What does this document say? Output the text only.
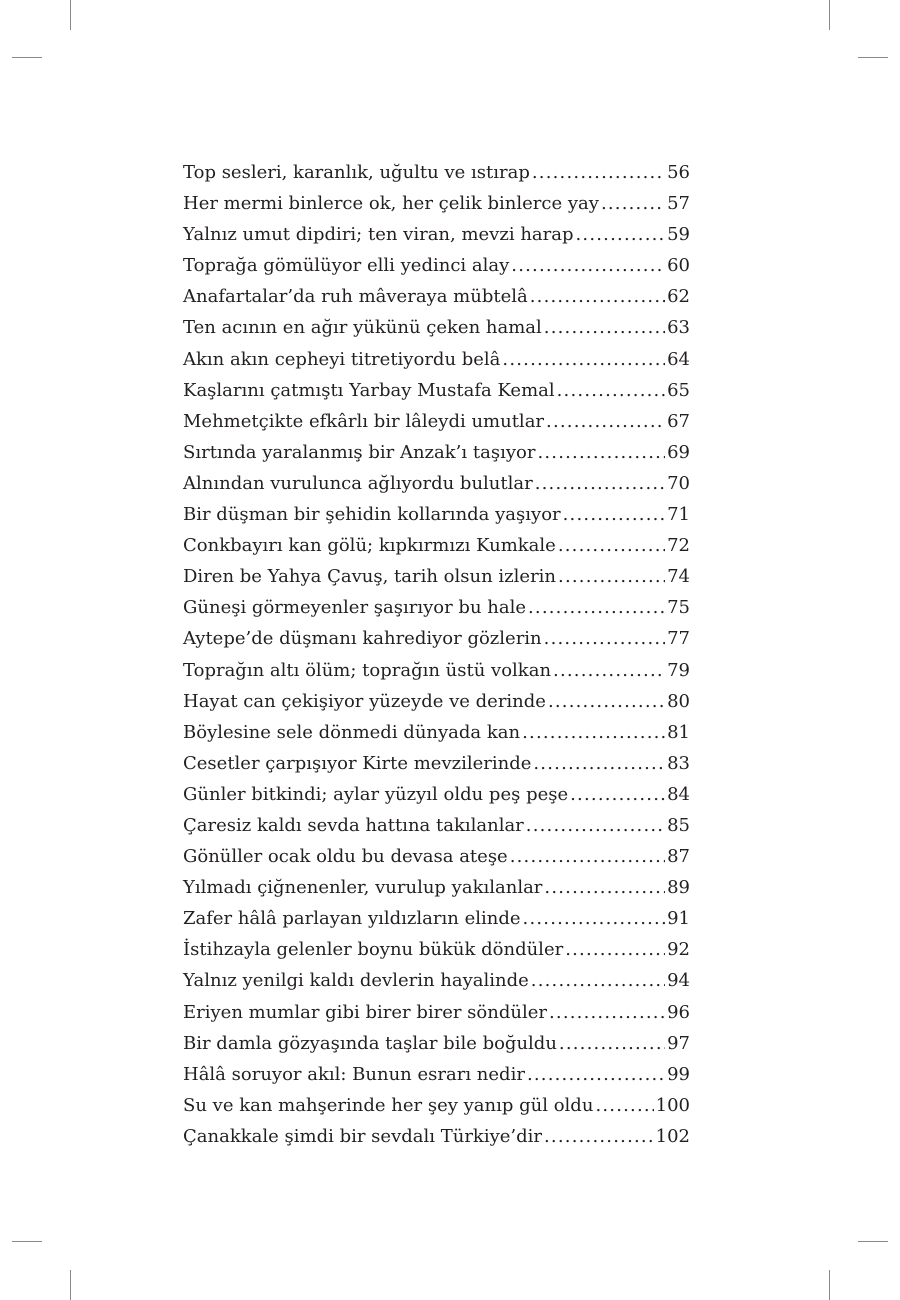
Top sesleri, karanlık, uğultu ve ıstırap .....	56
Her mermi binlerce ok, her çelik binlerce yay .....	57
Yalnız umut dipdiri; ten viran, mevzi harap .....	59
Toprağa gömülüyor elli yedinci alay .....	60
Anafartalar’da ruh mâveraya mübtelâ .....	62
Ten acının en ağır yükünü çeken hamal .....	63
Akın akın cepheyi titretiyordu belâ .....	64
Kaşlarını çatmıştı Yarbay Mustafa Kemal .....	65
Mehmetçikte efkârlı bir lâleydi umutlar .....	67
Sırtında yaralanmış bir Anzak’ı taşıyor .....	69
Alnından vurulunca ağlıyordu bulutlar .....	70
Bir düşman bir şehidin kollarında yaşıyor .....	71
Conkbayırı kan gölü; kıpkırmızı Kumkale .....	72
Diren be Yahya Çavuş, tarih olsun izlerin .....	74
Güneşi görmeyenler şaşırıyor bu hale .....	75
Aytepe’de düşmanı kahrediyor gözlerin .....	77
Toprağın altı ölüm; toprağın üstü volkan .....	79
Hayat can çekişiyor yüzeyde ve derinde .....	80
Böylesine sele dönmedi dünyada kan .....	81
Cesetler çarpışıyor Kirte mevzilerinde .....	83
Günler bitkindi; aylar yüzyıl oldu peş peşe .....	84
Çaresiz kaldı sevda hattına takılanlar .....	85
Gönüller ocak oldu bu devasa ateşe .....	87
Yılmadı çiğnenenler, vurulup yakılanlar .....	89
Zafer hâlâ parlayan yıldızların elinde .....	91
İstihzayla gelenler boynu bükük döndüler .....	92
Yalnız yenilgi kaldı devlerin hayalinde .....	94
Eriyen mumlar gibi birer birer söndüler .....	96
Bir damla gözyaşında taşlar bile boğuldu .....	97
Hâlâ soruyor akıl: Bunun esrarı nedir .....	99
Su ve kan mahşerinde her şey yanıp gül oldu .....	100
Çanakkale şimdi bir sevdalı Türkiye’dir .....	102
